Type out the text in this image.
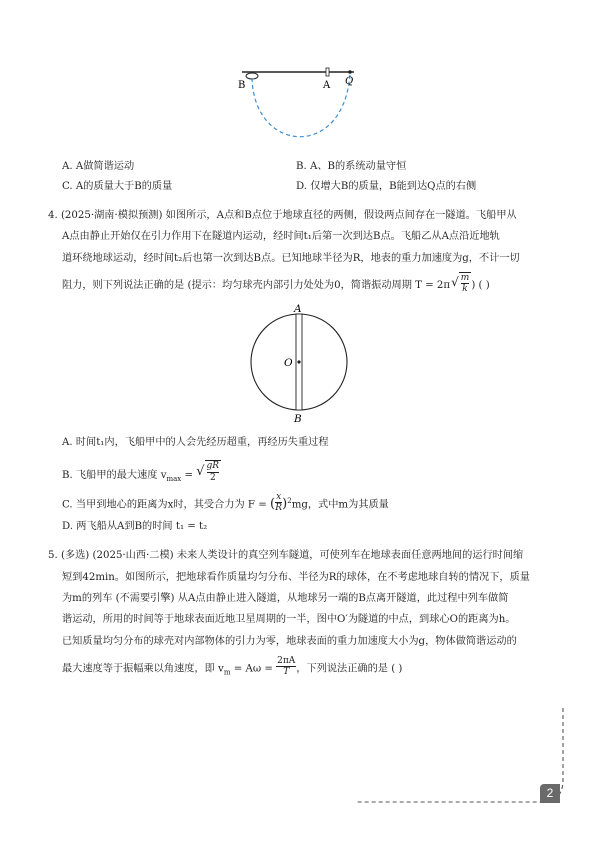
B	A Q
A. A做简谐运动	B. A、B的系统动量守恒
C. A的质量大于B的质量	D. 仅增大B的质量，B能到达Q点的右侧
4. (2025·湖南·模拟预测) 如图所示，A点和B点位于地球直径的两侧，假设两点间存在一隧道。飞船甲从
A点由静止开始仅在引力作用下在隧道内运动，经时间t₁后第一次到达B点。飞船乙从A点沿近地轨
道环绕地球运动，经时间t₂后也第一次到达B点。已知地球半径为R，地表的重力加速度为g，不计一切
阻力，则下列说法正确的是 (提示：均匀球壳内部引力处处为0，简谐振动周期 $T = 2\pi√ \frac{m}{k}$ ) ( )
A
O
B
A. 时间t₁内，飞船甲中的人会先经历超重，再经历失重过程
B. 飞船甲的最大速度 $v_{max}$ = √ $\frac{gR}{2}$
C. 当甲到地心的距离为x时，其受合力为 F = ( $\frac{x}{R} )^2mg$，式中m为其质量
D. 两飞船从A到B的时间 t₁ = t₂
5. (多选) (2025·山西·二模) 未来人类设计的真空列车隧道，可使列车在地球表面任意两地间的运行时间缩
短到42min。如图所示，把地球看作质量均匀分布、半径为R的球体，在不考虑地球自转的情况下，质量
为m的列车 (不需要引擎) 从A点由静止进入隧道，从地球另一端的B点离开隧道，此过程中列车做简
谐运动，所用的时间等于地球表面近地卫星周期的一半，图中O′为隧道的中点，到球心O的距离为h。
已知质量均匀分布的球壳对内部物体的引力为零，地球表面的重力加速度大小为g，物体做简谐运动的
最大速度等于振幅乘以角速度，即 $v_m = A\omega = \frac{2\pi A}{T}$ ，下列说法正确的是 ( )
2
